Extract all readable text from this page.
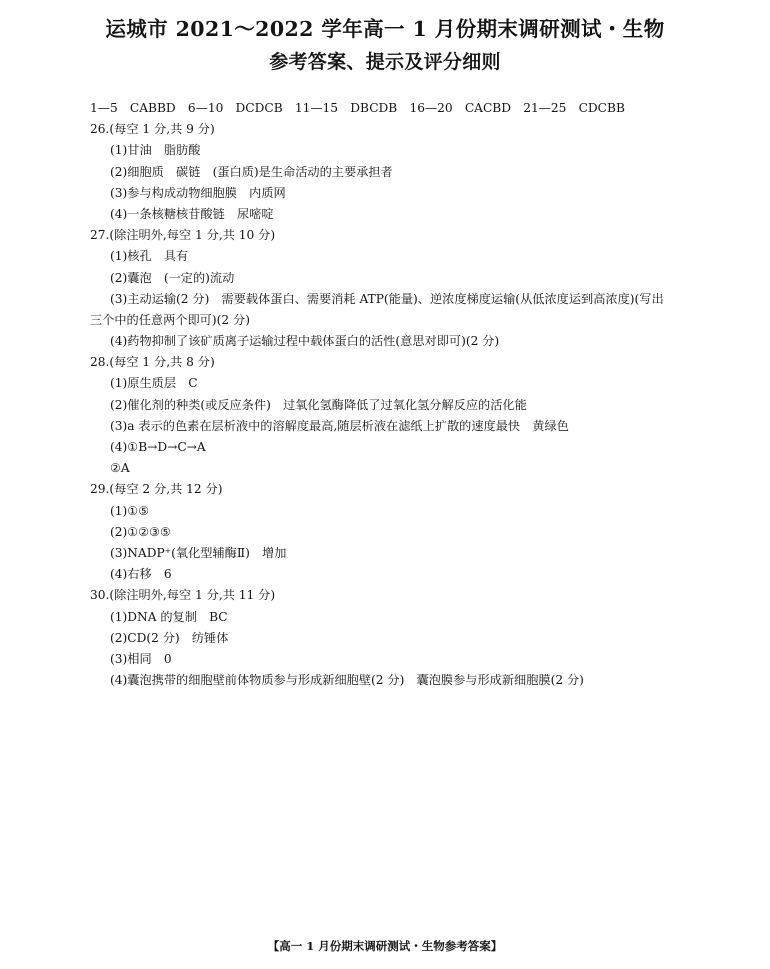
运城市 2021～2022 学年高一 1 月份期末调研测试・生物
参考答案、提示及评分细则
1—5　CABBD　6—10　DCDCB　11—15　DBCDB　16—20　CACBD　21—25　CDCBB
26.(每空 1 分,共 9 分)
(1)甘油　脂肪酸
(2)细胞质　碳链　(蛋白质)是生命活动的主要承担者
(3)参与构成动物细胞膜　内质网
(4)一条核糖核苷酸链　尿嘧啶
27.(除注明外,每空 1 分,共 10 分)
(1)核孔　具有
(2)囊泡　(一定的)流动
(3)主动运输(2 分)　需要载体蛋白、需要消耗 ATP(能量)、逆浓度梯度运输(从低浓度运到高浓度)(写出
三个中的任意两个即可)(2 分)
(4)药物抑制了该矿质离子运输过程中载体蛋白的活性(意思对即可)(2 分)
28.(每空 1 分,共 8 分)
(1)原生质层　C
(2)催化剂的种类(或反应条件)　过氧化氢酶降低了过氧化氢分解反应的活化能
(3)a 表示的色素在层析液中的溶解度最高,随层析液在滤纸上扩散的速度最快　黄绿色
(4)①B→D→C→A
②A
29.(每空 2 分,共 12 分)
(1)①⑤
(2)①②③⑤
(3)NADP⁺(氧化型辅酶Ⅱ)　增加
(4)右移　6
30.(除注明外,每空 1 分,共 11 分)
(1)DNA 的复制　BC
(2)CD(2 分)　纺锤体
(3)相同　0
(4)囊泡携带的细胞壁前体物质参与形成新细胞壁(2 分)　囊泡膜参与形成新细胞膜(2 分)
【高一 1 月份期末调研测试・生物参考答案】
